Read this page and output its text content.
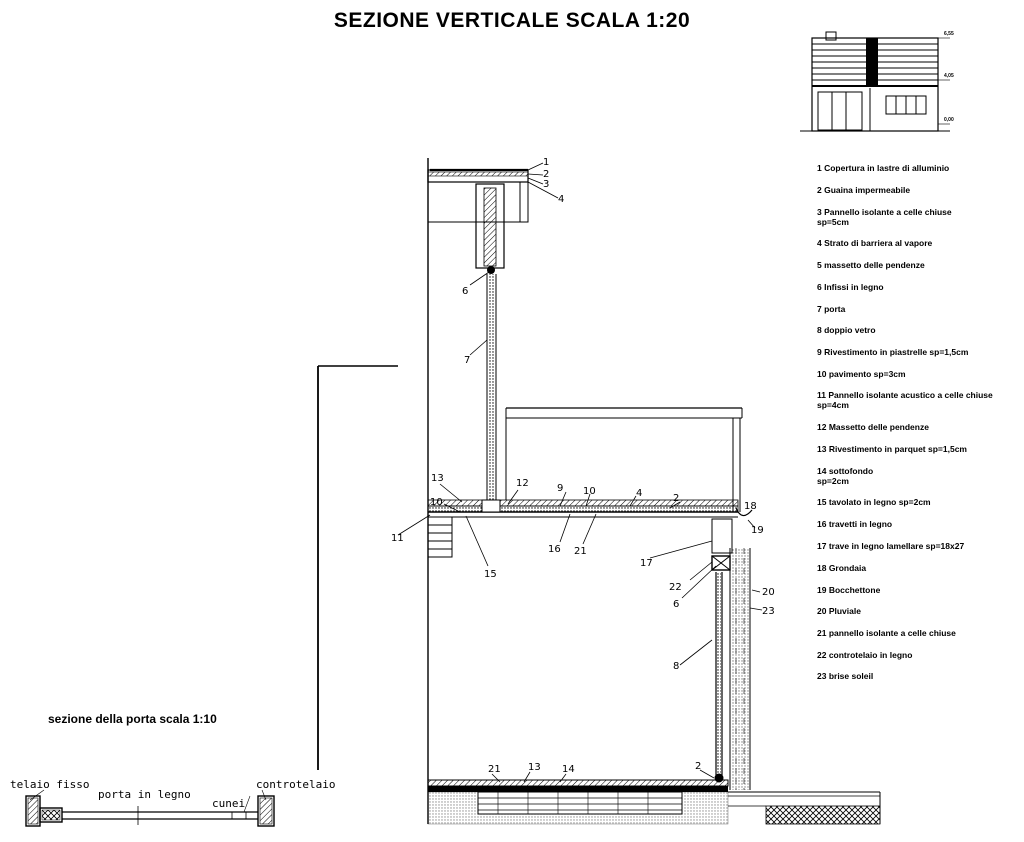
SEZIONE VERTICALE SCALA 1:20
sezione della porta scala 1:10
1 Copertura in lastre di alluminio
2 Guaina impermeabile
3 Pannello isolante a celle chiuse
sp=5cm
4 Strato di barriera al vapore
5 massetto delle pendenze
6 Infissi in legno
7 porta
8 doppio vetro
9 Rivestimento in piastrelle sp=1,5cm
10 pavimento sp=3cm
11 Pannello isolante acustico a celle chiuse
sp=4cm
12 Massetto delle pendenze
13 Rivestimento in parquet sp=1,5cm
14 sottofondo
sp=2cm
15 tavolato in legno sp=2cm
16 travetti in legno
17 trave in legno lamellare sp=18x27
18 Grondaia
19 Bocchettone
20 Pluviale
21 pannello isolante a celle chiuse
22 controtelaio in legno
23 brise soleil
6,55
4,05
0,00
1
2
3
4
6
7
13	12	9 10	4	2
18
10
11
16 21
15
19
17
22
6
20
23
8
21	13 14	2
telaio fisso
porta in legno
cunei
controtelaio
